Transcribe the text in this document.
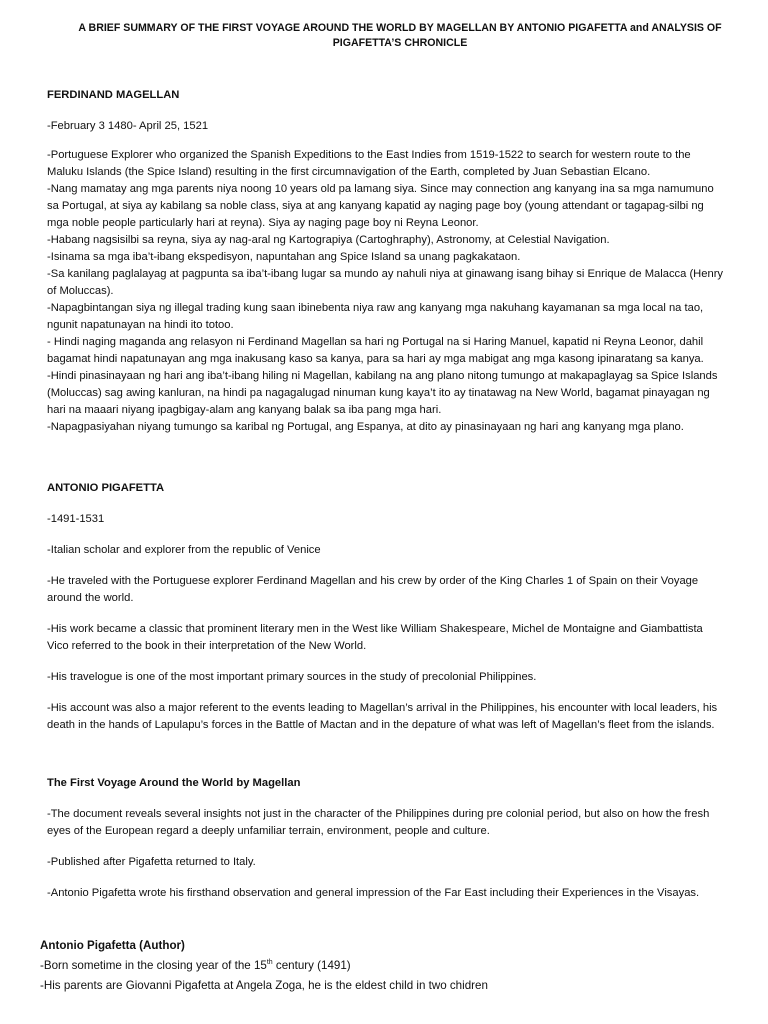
A BRIEF SUMMARY OF THE FIRST VOYAGE AROUND THE WORLD BY MAGELLAN BY ANTONIO PIGAFETTA and ANALYSIS OF
PIGAFETTA’S CHRONICLE

FERDINAND MAGELLAN

-February 3 1480- April 25, 1521

-Portuguese Explorer who organized the Spanish Expeditions to the East Indies from 1519-1522 to search for western route to the Maluku Islands (the Spice Island) resulting in the first circumnavigation of the Earth, completed by Juan Sebastian Elcano.
-Nang mamatay ang mga parents niya noong 10 years old pa lamang siya. Since may connection ang kanyang ina sa mga namumuno sa Portugal, at siya ay kabilang sa noble class, siya at ang kanyang kapatid ay naging page boy (young attendant or tagapag-silbi ng mga noble people particularly hari at reyna). Siya ay naging page boy ni Reyna Leonor.
-Habang nagsisilbi sa reyna, siya ay nag-aral ng Kartograpiya (Cartoghraphy), Astronomy, at Celestial Navigation.
-Isinama sa mga iba’t-ibang ekspedisyon, napuntahan ang Spice Island sa unang pagkakataon.
-Sa kanilang paglalayag at pagpunta sa iba’t-ibang lugar sa mundo ay nahuli niya at ginawang isang bihay si Enrique de Malacca (Henry of Moluccas).
-Napagbintangan siya ng illegal trading kung saan ibinebenta niya raw ang kanyang mga nakuhang kayamanan sa mga local na tao, ngunit napatunayan na hindi ito totoo.
- Hindi naging maganda ang relasyon ni Ferdinand Magellan sa hari ng Portugal na si Haring Manuel, kapatid ni Reyna Leonor, dahil bagamat hindi napatunayan ang mga inakusang kaso sa kanya, para sa hari ay mga mabigat ang mga kasong ipinaratang sa kanya.
-Hindi pinasinayaan ng hari ang iba’t-ibang hiling ni Magellan, kabilang na ang plano nitong tumungo at makapaglayag sa Spice Islands (Moluccas) sag awing kanluran, na hindi pa nagagalugad ninuman kung kaya’t ito ay tinatawag na New World, bagamat pinayagan ng hari na maaari niyang ipagbigay-alam ang kanyang balak sa iba pang mga hari.
-Napagpasiyahan niyang tumungo sa karibal ng Portugal, ang Espanya, at dito ay pinasinayaan ng hari ang kanyang mga plano.

ANTONIO PIGAFETTA

-1491-1531
-Italian scholar and explorer from the republic of Venice
-He traveled with the Portuguese explorer Ferdinand Magellan and his crew by order of the King Charles 1 of Spain on their Voyage around the world.
-His work became a classic that prominent literary men in the West like William Shakespeare, Michel de Montaigne and Giambattista Vico referred to the book in their interpretation of the New World.
-His travelogue is one of the most important primary sources in the study of precolonial Philippines.
-His account was also a major referent to the events leading to Magellan’s arrival in the Philippines, his encounter with local leaders, his death in the hands of Lapulapu’s forces in the Battle of Mactan and in the depature of what was left of Magellan’s fleet from the islands.

The First Voyage Around the World by Magellan

-The document reveals several insights not just in the character of the Philippines during pre colonial period, but also on how the fresh eyes of the European regard a deeply unfamiliar terrain, environment, people and culture.
-Published after Pigafetta returned to Italy.
-Antonio Pigafetta wrote his firsthand observation and general impression of the Far East including their Experiences in the Visayas.

Antonio Pigafetta (Author)

-Born sometime in the closing year of the 15th century (1491)

-His parents are Giovanni Pigafetta at Angela Zoga, he is the eldest child in two chidren
